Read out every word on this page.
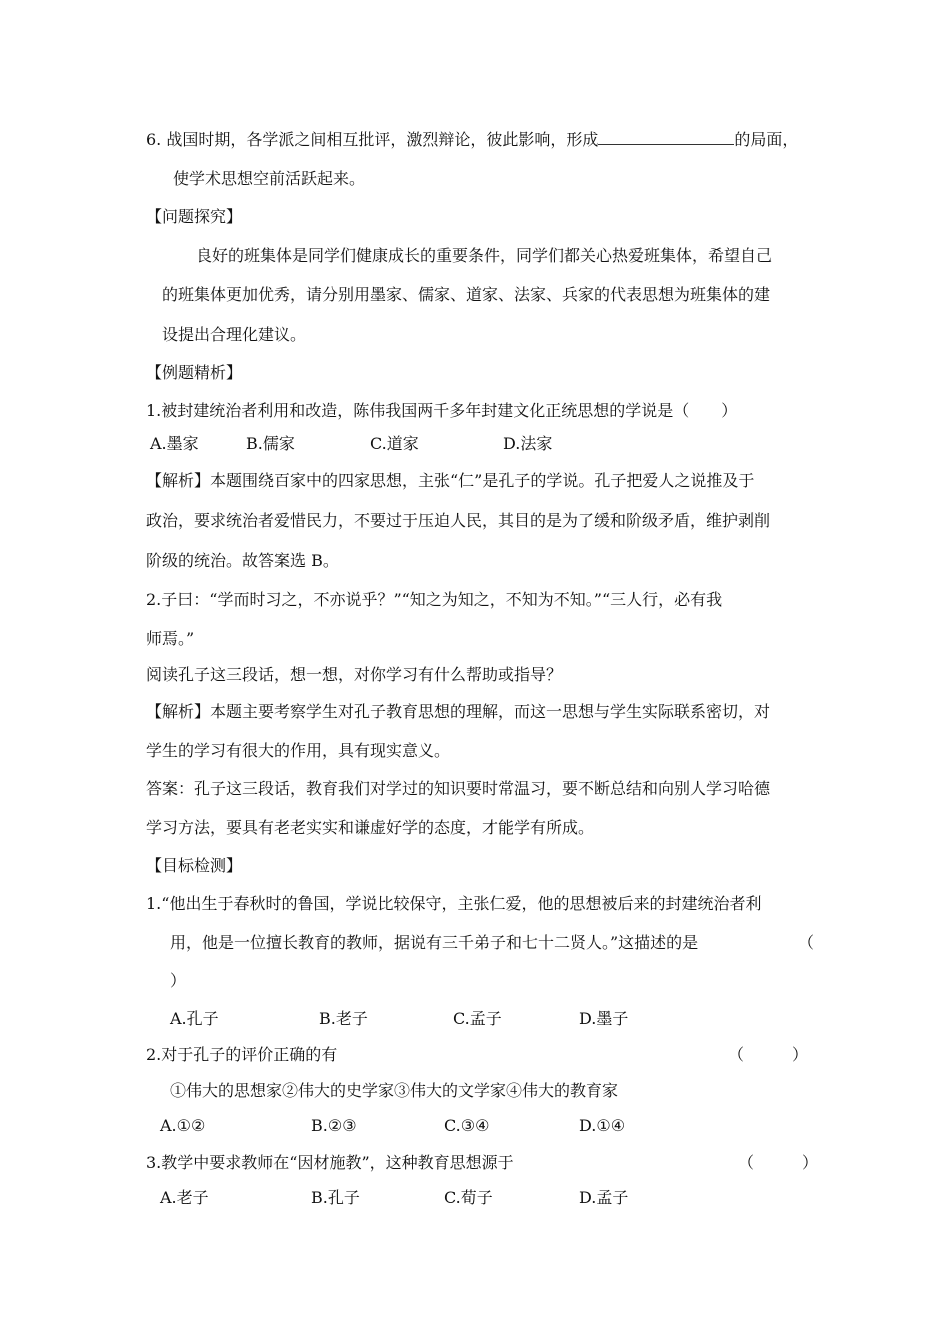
6. 战国时期，各学派之间相互批评，激烈辩论，彼此影响，形成	的局面，
使学术思想空前活跃起来。
【问题探究】
良好的班集体是同学们健康成长的重要条件，同学们都关心热爱班集体，希望自己
的班集体更加优秀，请分别用墨家、儒家、道家、法家、兵家的代表思想为班集体的建
设提出合理化建议。
【例题精析】
1.被封建统治者利用和改造，陈伟我国两千多年封建文化正统思想的学说是（　　）
A.墨家	B.儒家	C.道家	D.法家
【解析】本题围绕百家中的四家思想，主张“仁”是孔子的学说。孔子把爱人之说推及于
政治，要求统治者爱惜民力，不要过于压迫人民，其目的是为了缓和阶级矛盾，维护剥削
阶级的统治。故答案选 B。
2.子曰：“学而时习之，不亦说乎？”“知之为知之，不知为不知。”“三人行，必有我
师焉。”
阅读孔子这三段话，想一想，对你学习有什么帮助或指导？
【解析】本题主要考察学生对孔子教育思想的理解，而这一思想与学生实际联系密切，对
学生的学习有很大的作用，具有现实意义。
答案：孔子这三段话，教育我们对学过的知识要时常温习，要不断总结和向别人学习哈德
学习方法，要具有老老实实和谦虚好学的态度，才能学有所成。
【目标检测】
1.“他出生于春秋时的鲁国，学说比较保守，主张仁爱，他的思想被后来的封建统治者利
用，他是一位擅长教育的教师，据说有三千弟子和七十二贤人。”这描述的是	（
）
A.孔子	B.老子	C.孟子	D.墨子
2.对于孔子的评价正确的有	（　　　）
①伟大的思想家②伟大的史学家③伟大的文学家④伟大的教育家
A.①②	B.②③	C.③④	D.①④
3.教学中要求教师在“因材施教”，这种教育思想源于	（　　　）
A.老子	B.孔子	C.荀子	D.孟子
